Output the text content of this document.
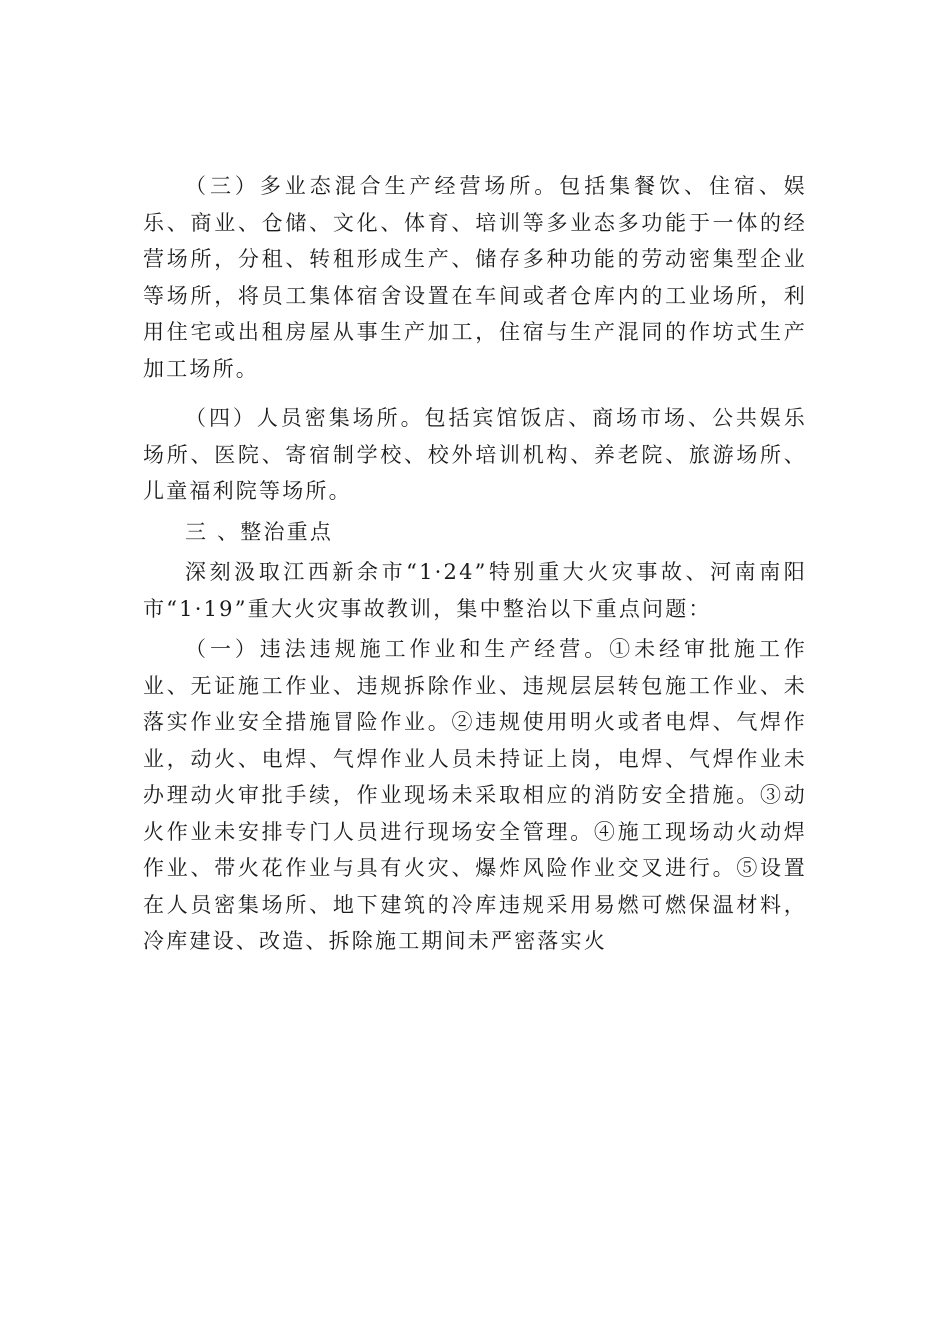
（三）多业态混合生产经营场所。包括集餐饮、住宿、娱乐、商业、仓储、文化、体育、培训等多业态多功能于一体的经营场所，分租、转租形成生产、储存多种功能的劳动密集型企业等场所，将员工集体宿舍设置在车间或者仓库内的工业场所，利用住宅或出租房屋从事生产加工，住宿与生产混同的作坊式生产加工场所。

（四）人员密集场所。包括宾馆饭店、商场市场、公共娱乐场所、医院、寄宿制学校、校外培训机构、养老院、旅游场所、儿童福利院等场所。

三 、整治重点

深刻汲取江西新余市“1·24”特别重大火灾事故、河南南阳市“1·19”重大火灾事故教训，集中整治以下重点问题：

（一）违法违规施工作业和生产经营。①未经审批施工作业、无证施工作业、违规拆除作业、违规层层转包施工作业、未落实作业安全措施冒险作业。②违规使用明火或者电焊、气焊作业，动火、电焊、气焊作业人员未持证上岗，电焊、气焊作业未办理动火审批手续，作业现场未采取相应的消防安全措施。③动火作业未安排专门人员进行现场安全管理。④施工现场动火动焊作业、带火花作业与具有火灾、爆炸风险作业交叉进行。⑤设置在人员密集场所、地下建筑的冷库违规采用易燃可燃保温材料，冷库建设、改造、拆除施工期间未严密落实火
